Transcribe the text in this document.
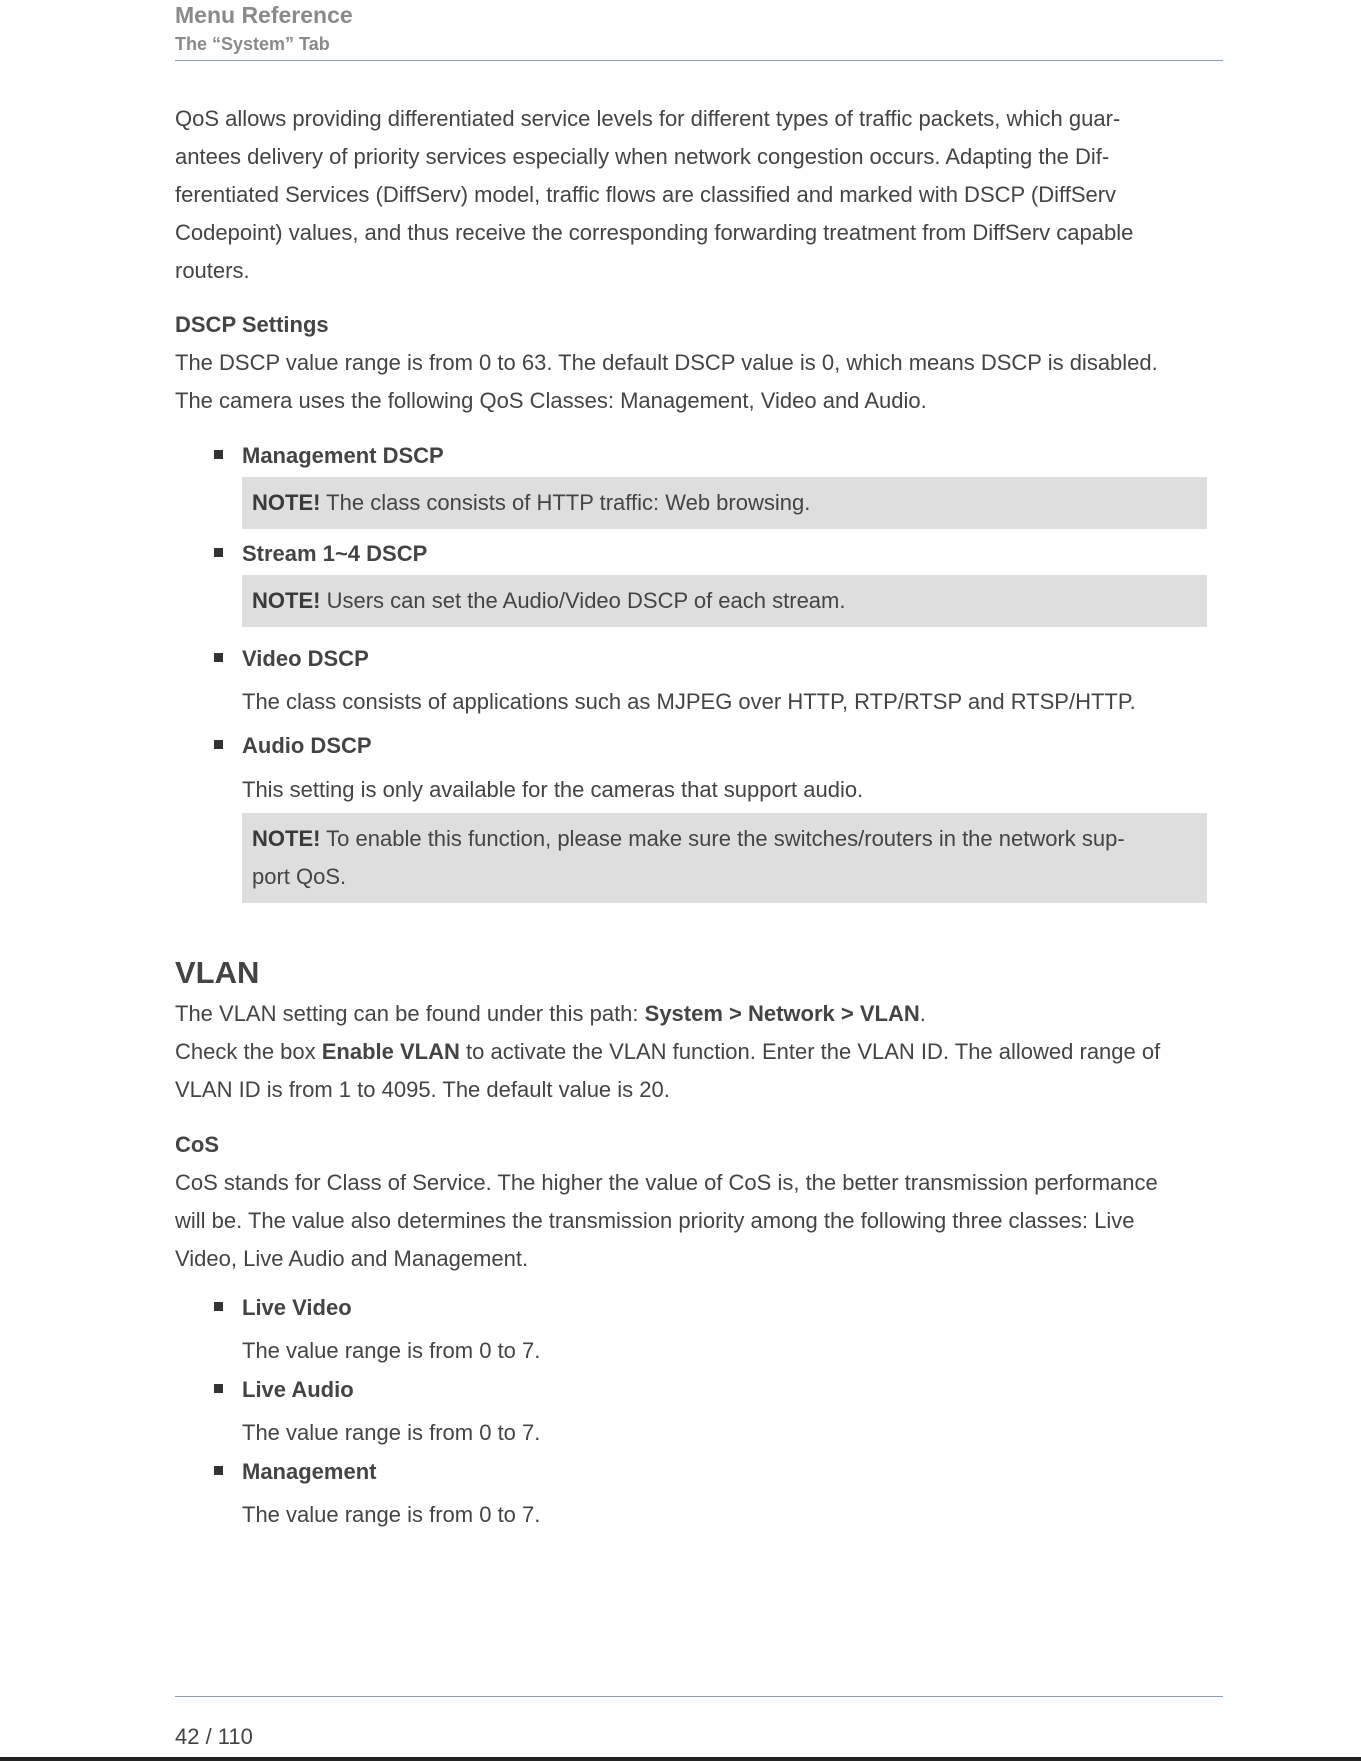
Menu Reference
The “System” Tab

QoS allows providing differentiated service levels for different types of traffic packets, which guar-

antees delivery of priority services especially when network congestion occurs. Adapting the Dif-

ferentiated Services (DiffServ) model, traffic flows are classified and marked with DSCP (DiffServ

Codepoint) values, and thus receive the corresponding forwarding treatment from DiffServ capable

routers.

DSCP Settings

The DSCP value range is from 0 to 63. The default DSCP value is 0, which means DSCP is disabled.

The camera uses the following QoS Classes: Management, Video and Audio.

Management DSCP
NOTE! The class consists of HTTP traffic: Web browsing.
Stream 1~4 DSCP
NOTE! Users can set the Audio/Video DSCP of each stream.
Video DSCP

The class consists of applications such as MJPEG over HTTP, RTP/RTSP and RTSP/HTTP.

Audio DSCP

This setting is only available for the cameras that support audio.

NOTE! To enable this function, please make sure the switches/routers in the network sup-
port QoS.

VLAN

The VLAN setting can be found under this path: System > Network > VLAN.

Check the box Enable VLAN to activate the VLAN function. Enter the VLAN ID. The allowed range of

VLAN ID is from 1 to 4095. The default value is 20.

CoS

CoS stands for Class of Service. The higher the value of CoS is, the better transmission performance

will be. The value also determines the transmission priority among the following three classes: Live

Video, Live Audio and Management.

Live Video

The value range is from 0 to 7.

Live Audio

The value range is from 0 to 7.

Management

The value range is from 0 to 7.

42 / 110
